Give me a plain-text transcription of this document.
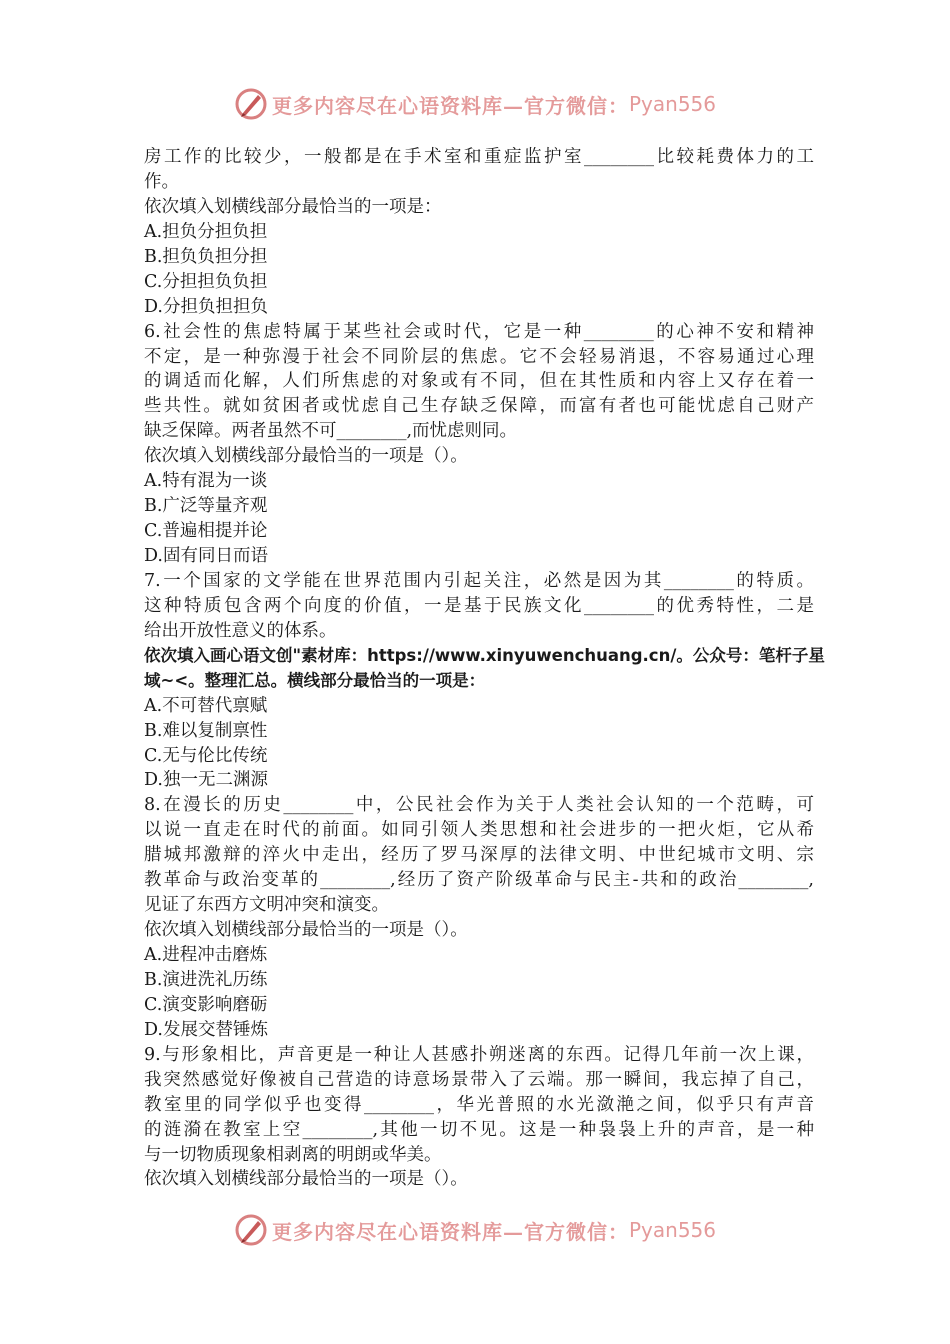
更多内容尽在心语资料库—官方微信： Pyan556
房工作的比较少，一般都是在手术室和重症监护室________比较耗费体力的工
作。
依次填入划横线部分最恰当的一项是：
A.担负分担负担
B.担负负担分担
C.分担担负负担
D.分担负担担负
6.社会性的焦虑特属于某些社会或时代，它是一种________的心神不安和精神
不定，是一种弥漫于社会不同阶层的焦虑。它不会轻易消退，不容易通过心理
的调适而化解，人们所焦虑的对象或有不同，但在其性质和内容上又存在着一
些共性。就如贫困者或忧虑自己生存缺乏保障，而富有者也可能忧虑自己财产
缺乏保障。两者虽然不可________,而忧虑则同。
依次填入划横线部分最恰当的一项是（）。
A.特有混为一谈
B.广泛等量齐观
C.普遍相提并论
D.固有同日而语
7.一个国家的文学能在世界范围内引起关注，必然是因为其________的特质。
这种特质包含两个向度的价值，一是基于民族文化________的优秀特性，二是
给出开放性意义的体系。
依次填入画心语文创"素材库：https://www.xinyuwenchuang.cn/。公众号：笔杆子星
域~<。整理汇总。横线部分最恰当的一项是：
A.不可替代禀赋
B.难以复制禀性
C.无与伦比传统
D.独一无二渊源
8.在漫长的历史________中，公民社会作为关于人类社会认知的一个范畴，可
以说一直走在时代的前面。如同引领人类思想和社会进步的一把火炬，它从希
腊城邦激辩的淬火中走出，经历了罗马深厚的法律文明、中世纪城市文明、宗
教革命与政治变革的________,经历了资产阶级革命与民主-共和的政治________,
见证了东西方文明冲突和演变。
依次填入划横线部分最恰当的一项是（）。
A.进程冲击磨炼
B.演进洗礼历练
C.演变影响磨砺
D.发展交替锤炼
9.与形象相比，声音更是一种让人甚感扑朔迷离的东西。记得几年前一次上课，
我突然感觉好像被自己营造的诗意场景带入了云端。那一瞬间，我忘掉了自己，
教室里的同学似乎也变得________，华光普照的水光潋滟之间，似乎只有声音
的涟漪在教室上空________,其他一切不见。这是一种袅袅上升的声音，是一种
与一切物质现象相剥离的明朗或华美。
依次填入划横线部分最恰当的一项是（）。
更多内容尽在心语资料库—官方微信： Pyan556
